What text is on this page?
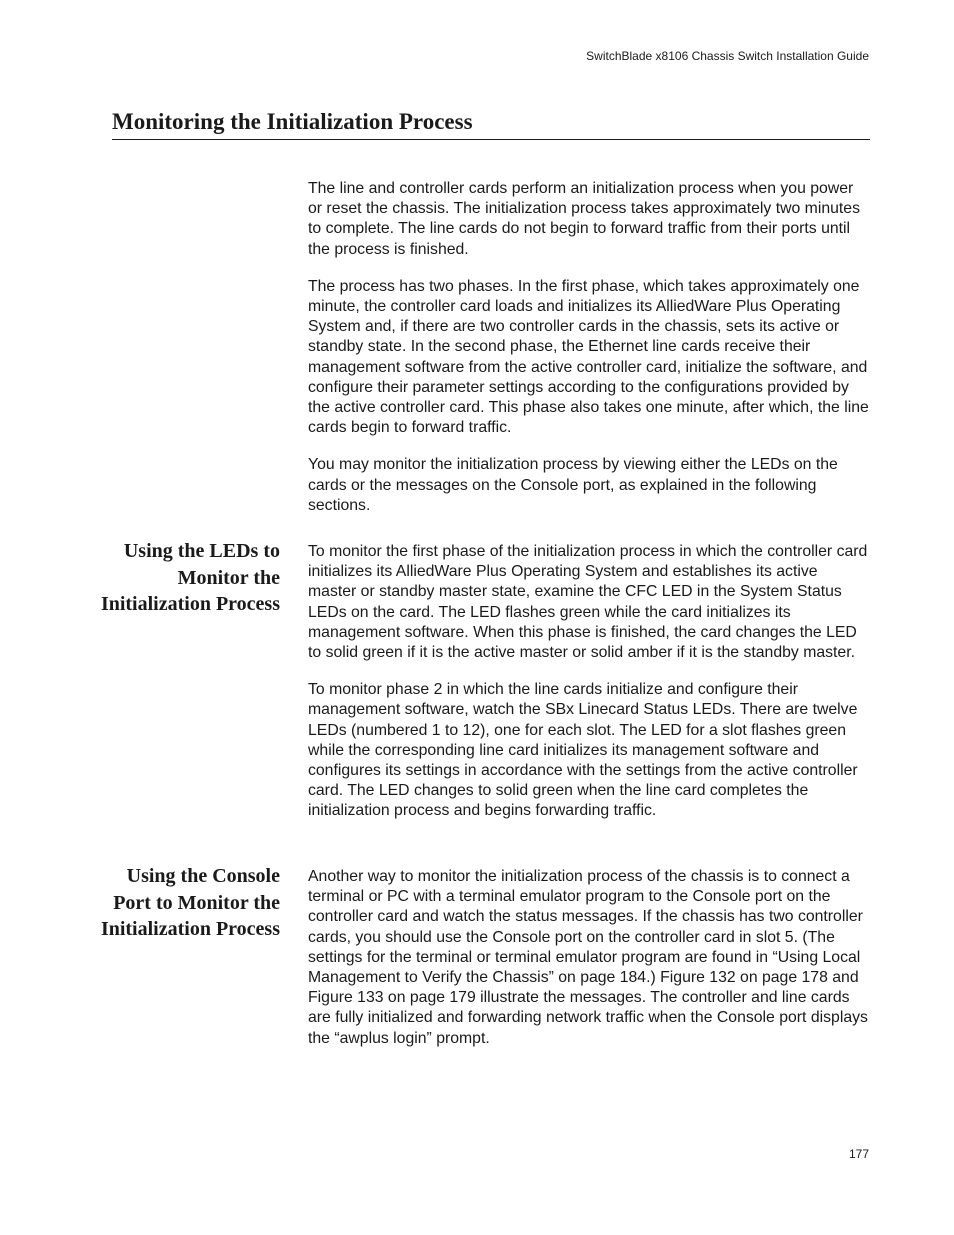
SwitchBlade x8106 Chassis Switch Installation Guide
Monitoring the Initialization Process

The line and controller cards perform an initialization process when you power or reset the chassis. The initialization process takes approximately two minutes to complete. The line cards do not begin to forward traffic from their ports until the process is finished.

The process has two phases. In the first phase, which takes approximately one minute, the controller card loads and initializes its AlliedWare Plus Operating System and, if there are two controller cards in the chassis, sets its active or standby state. In the second phase, the Ethernet line cards receive their management software from the active controller card, initialize the software, and configure their parameter settings according to the configurations provided by the active controller card. This phase also takes one minute, after which, the line cards begin to forward traffic.

You may monitor the initialization process by viewing either the LEDs on the cards or the messages on the Console port, as explained in the following sections.

Using the LEDs to Monitor the Initialization Process

To monitor the first phase of the initialization process in which the controller card initializes its AlliedWare Plus Operating System and establishes its active master or standby master state, examine the CFC LED in the System Status LEDs on the card. The LED flashes green while the card initializes its management software. When this phase is finished, the card changes the LED to solid green if it is the active master or solid amber if it is the standby master.

To monitor phase 2 in which the line cards initialize and configure their management software, watch the SBx Linecard Status LEDs. There are twelve LEDs (numbered 1 to 12), one for each slot. The LED for a slot flashes green while the corresponding line card initializes its management software and configures its settings in accordance with the settings from the active controller card. The LED changes to solid green when the line card completes the initialization process and begins forwarding traffic.

Using the Console Port to Monitor the Initialization Process

Another way to monitor the initialization process of the chassis is to connect a terminal or PC with a terminal emulator program to the Console port on the controller card and watch the status messages. If the chassis has two controller cards, you should use the Console port on the controller card in slot 5. (The settings for the terminal or terminal emulator program are found in “Using Local Management to Verify the Chassis” on page 184.) Figure 132 on page 178 and Figure 133 on page 179 illustrate the messages. The controller and line cards are fully initialized and forwarding network traffic when the Console port displays the “awplus login” prompt.

177
